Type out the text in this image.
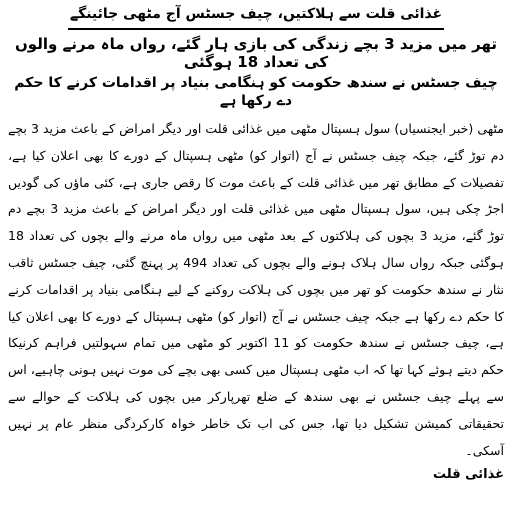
غذائی قلت سے ہلاکتیں، چیف جسٹس آج مٹھی جائینگے
تھر میں مزید 3 بچے زندگی کی بازی ہار گئے، رواں ماہ مرنے والوں کی تعداد 18 ہوگئی
چیف جسٹس نے سندھ حکومت کو ہنگامی بنیاد پر اقدامات کرنے کا حکم دے رکھا ہے

مٹھی (خبر ایجنسیاں) سول ہسپتال مٹھی میں غذائی قلت اور دیگر امراض کے باعث مزید 3 بچے دم توڑ گئے، جبکہ چیف جسٹس نے آج (اتوار کو) مٹھی ہسپتال کے دورے کا بھی اعلان کیا ہے، تفصیلات کے مطابق تھر میں غذائی قلت کے باعث موت کا رقص جاری ہے، کئی ماؤں کی گودیں اجڑ چکی ہیں، سول ہسپتال مٹھی میں غذائی قلت اور دیگر امراض کے باعث مزید 3 بچے دم توڑ گئے، مزید 3 بچوں کی ہلاکتوں کے بعد مٹھی میں رواں ماہ مرنے والے بچوں کی تعداد 18 ہوگئی جبکہ رواں سال ہلاک ہونے والے بچوں کی تعداد 494 پر پہنچ گئی، چیف جسٹس ثاقب نثار نے سندھ حکومت کو تھر میں بچوں کی ہلاکت روکنے کے لیے ہنگامی بنیاد پر اقدامات کرنے کا حکم دے رکھا ہے جبکہ چیف جسٹس نے آج (اتوار کو) مٹھی ہسپتال کے دورے کا بھی اعلان کیا ہے، چیف جسٹس نے سندھ حکومت کو 11 اکتوبر کو مٹھی میں تمام سہولتیں فراہم کرنیکا حکم دیتے ہوئے کہا تھا کہ اب مٹھی ہسپتال میں کسی بھی بچے کی موت نہیں ہونی چاہیے، اس سے پہلے چیف جسٹس نے بھی سندھ کے ضلع تھرپارکر میں بچوں کی ہلاکت کے حوالے سے تحقیقاتی کمیشن تشکیل دیا تھا، جس کی اب تک خاطر خواہ کارکردگی منظر عام پر نہیں آسکی۔

غذائی قلت
